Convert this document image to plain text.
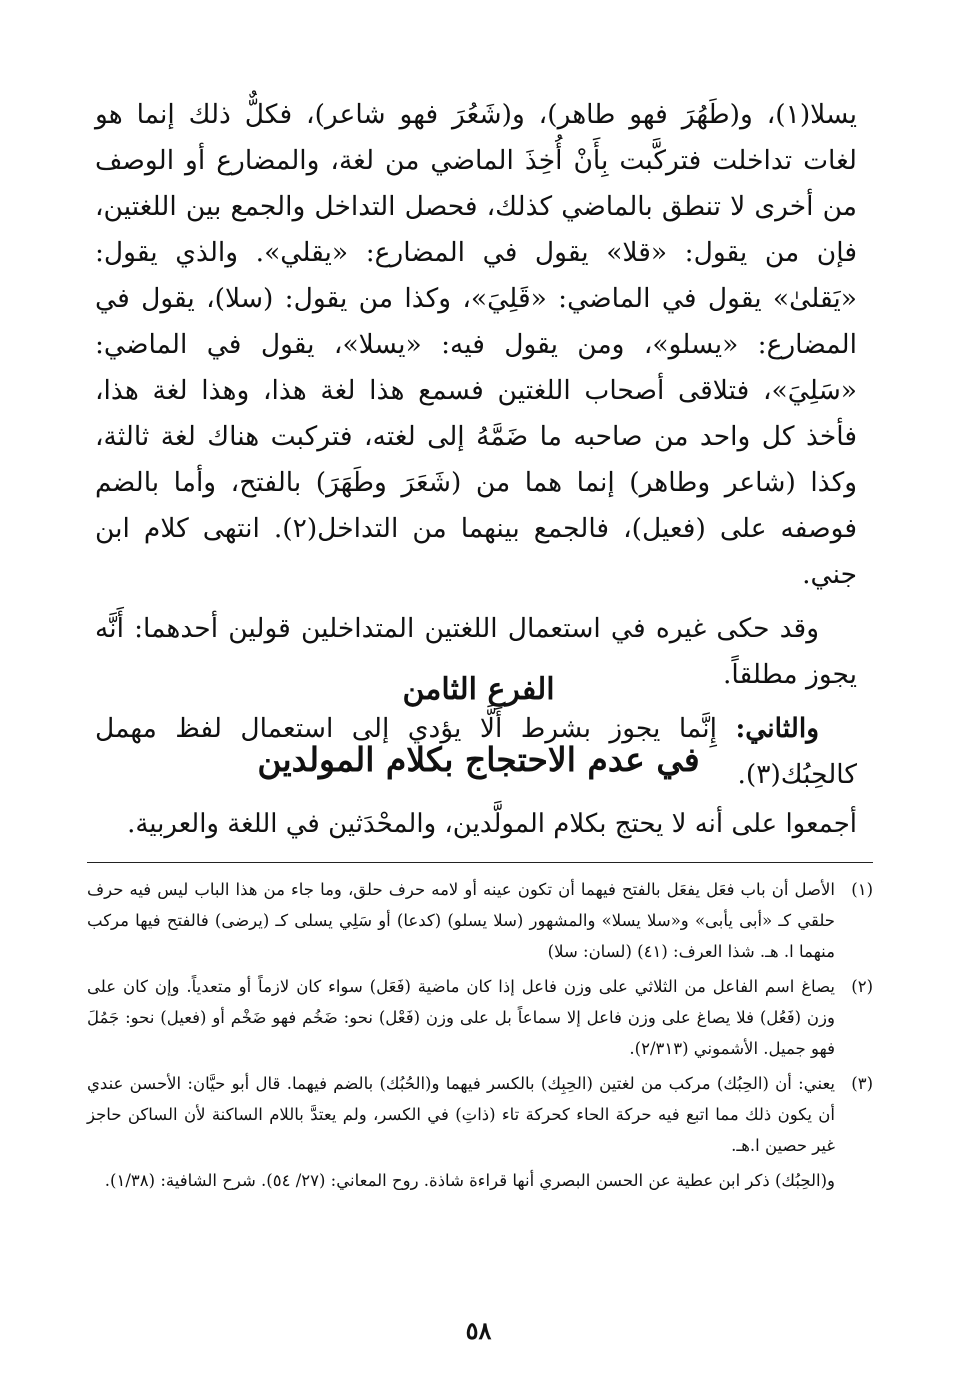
يسلا(١)، و(طَهُرَ فهو طاهر)، و(شَعُرَ فهو شاعر)، فكلٌّ ذلك إنما هو لغات تداخلت فتركَّبت بِأَنْ أُخِذَ الماضي من لغة، والمضارع أو الوصف من أخرى لا تنطق بالماضي كذلك، فحصل التداخل والجمع بين اللغتين، فإن من يقول: «قلا» يقول في المضارع: «يقلي». والذي يقول: «يَقلىٰ» يقول في الماضي: «قَلِيَ»، وكذا من يقول: (سلا)، يقول في المضارع: «يسلو»، ومن يقول فيه: «يسلا»، يقول في الماضي: «سَلِيَ»، فتلاقى أصحاب اللغتين فسمع هذا لغة هذا، وهذا لغة هذا، فأخذ كل واحد من صاحبه ما ضَمَّهُ إلى لغته، فتركبت هناك لغة ثالثة، وكذا (شاعر وطاهر) إنما هما من (شَعَرَ وطَهَرَ) بالفتح، وأما بالضم فوصفه على (فعيل)، فالجمع بينهما من التداخل(٢). انتهى كلام ابن جني.

وقد حكى غيره في استعمال اللغتين المتداخلين قولين أحدهما: أَنَّه يجوز مطلقاً.

والثاني: إِنَّما يجوز بشرط أَلَّا يؤدي إلى استعمال لفظ مهمل كالحِبُك(٣).

الفرع الثامن
في عدم الاحتجاج بكلام المولدين
أجمعوا على أنه لا يحتج بكلام المولَّدين، والمحْدَثين في اللغة والعربية.
(١)
الأصل أن باب فعَل يفعَل بالفتح فيهما أن تكون عينه أو لامه حرف حلق، وما جاء من هذا الباب ليس فيه حرف حلقي كـ «أبى يأبى» و«سلا يسلا» والمشهور (سلا يسلو) (كدعا) أو سَلِي يسلى كـ (يرضى) فالفتح فيها مركب منهما ا. هـ. شذا العرف: (٤١) (لسان: سلا)
(٢)
يصاغ اسم الفاعل من الثلاثي على وزن فاعل إذا كان ماضية (فَعَل) سواء كان لازماً أو متعدياً. وإن كان على وزن (فَعُل) فلا يصاغ على وزن فاعل إلا سماعاً بل على وزن (فَعْل) نحو: ضَخُم فهو ضَخْم أو (فعيل) نحو: جَمُلَ فهو جميل. الأشموني (٢/٣١٣).
(٣)
يعني: أن (الحِبُك) مركب من لغتين (الحِبِك) بالكسر فيهما و(الحُبُك) بالضم فيهما. قال أبو حيَّان: الأحسن عندي أن يكون ذلك مما اتبع فيه حركة الحاء كحركة تاء (ذاتِ) في الكسر، ولم يعتدَّ باللام الساكنة لأن الساكن حاجز غير حصين ا.هـ.
و(الحِبُك) ذكر ابن عطية عن الحسن البصري أنها قراءة شاذة. روح المعاني: (٢٧/ ٥٤). شرح الشافية: (١/٣٨).
٥٨
